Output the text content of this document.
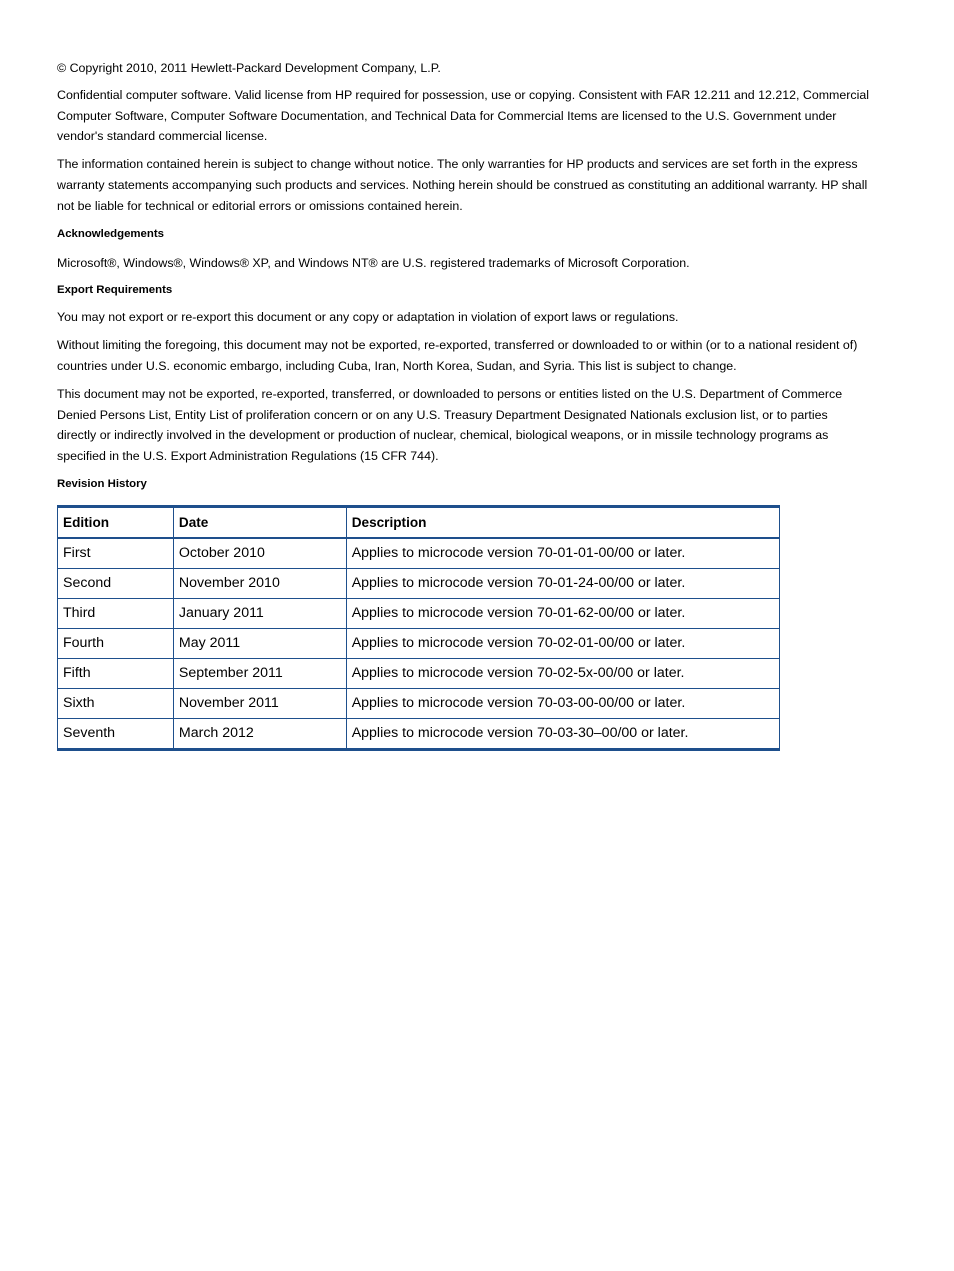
© Copyright 2010, 2011 Hewlett-Packard Development Company, L.P.

Confidential computer software. Valid license from HP required for possession, use or copying. Consistent with FAR 12.211 and 12.212, Commercial Computer Software, Computer Software Documentation, and Technical Data for Commercial Items are licensed to the U.S. Government under vendor's standard commercial license.

The information contained herein is subject to change without notice. The only warranties for HP products and services are set forth in the express warranty statements accompanying such products and services. Nothing herein should be construed as constituting an additional warranty. HP shall not be liable for technical or editorial errors or omissions contained herein.

Acknowledgements

Microsoft®, Windows®, Windows® XP, and Windows NT® are U.S. registered trademarks of Microsoft Corporation.

Export Requirements

You may not export or re-export this document or any copy or adaptation in violation of export laws or regulations.

Without limiting the foregoing, this document may not be exported, re-exported, transferred or downloaded to or within (or to a national resident of) countries under U.S. economic embargo, including Cuba, Iran, North Korea, Sudan, and Syria. This list is subject to change.

This document may not be exported, re-exported, transferred, or downloaded to persons or entities listed on the U.S. Department of Commerce Denied Persons List, Entity List of proliferation concern or on any U.S. Treasury Department Designated Nationals exclusion list, or to parties directly or indirectly involved in the development or production of nuclear, chemical, biological weapons, or in missile technology programs as specified in the U.S. Export Administration Regulations (15 CFR 744).

Revision History

Edition	Date	Description
First	October 2010	Applies to microcode version 70-01-01-00/00 or later.
Second	November 2010	Applies to microcode version 70-01-24-00/00 or later.
Third	January 2011	Applies to microcode version 70-01-62-00/00 or later.
Fourth	May 2011	Applies to microcode version 70-02-01-00/00 or later.
Fifth	September 2011	Applies to microcode version 70-02-5x-00/00 or later.
Sixth	November 2011	Applies to microcode version 70-03-00-00/00 or later.
Seventh	March 2012	Applies to microcode version 70-03-30–00/00 or later.
